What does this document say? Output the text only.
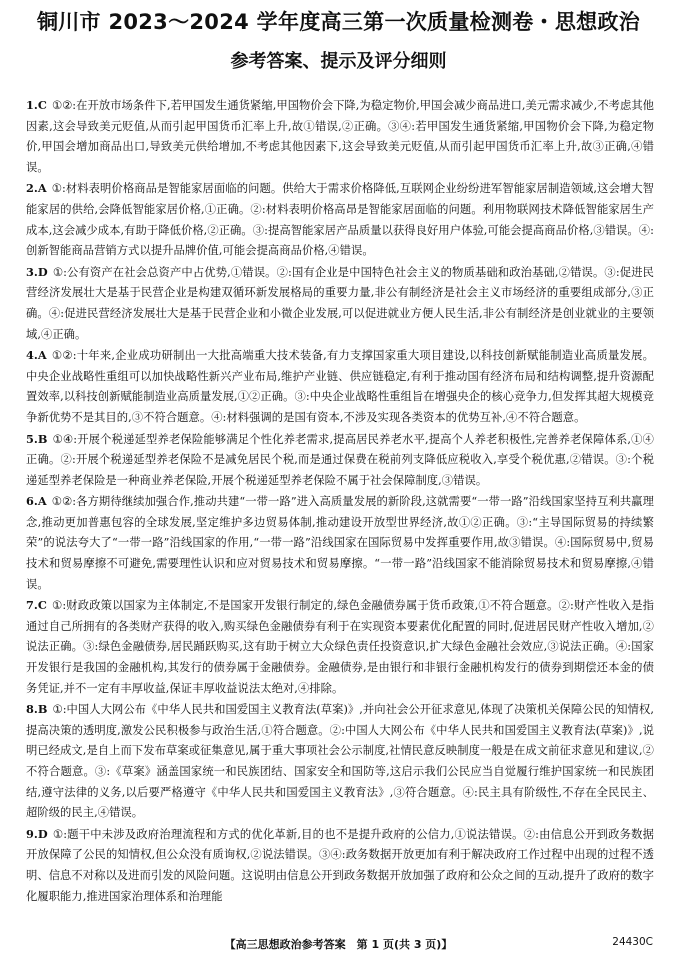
铜川市 2023～2024 学年度高三第一次质量检测卷・思想政治
参考答案、提示及评分细则

1.C ①②:在开放市场条件下,若甲国发生通货紧缩,甲国物价会下降,为稳定物价,甲国会减少商品进口,美元需求减少,不考虑其他因素,这会导致美元贬值,从而引起甲国货币汇率上升,故①错误,②正确。③④:若甲国发生通货紧缩,甲国物价会下降,为稳定物价,甲国会增加商品出口,导致美元供给增加,不考虑其他因素下,这会导致美元贬值,从而引起甲国货币汇率上升,故③正确,④错误。

2.A ①:材料表明价格商品是智能家居面临的问题。供给大于需求价格降低,互联网企业纷纷进军智能家居制造领域,这会增大智能家居的供给,会降低智能家居价格,①正确。②:材料表明价格高昂是智能家居面临的问题。利用物联网技术降低智能家居生产成本,这会减少成本,有助于降低价格,②正确。③:提高智能家居产品质量以获得良好用户体验,可能会提高商品价格,③错误。④:创新智能商品营销方式以提升品牌价值,可能会提高商品价格,④错误。

3.D ①:公有资产在社会总资产中占优势,①错误。②:国有企业是中国特色社会主义的物质基础和政治基础,②错误。③:促进民营经济发展壮大是基于民营企业是构建双循环新发展格局的重要力量,非公有制经济是社会主义市场经济的重要组成部分,③正确。④:促进民营经济发展壮大是基于民营企业和小微企业发展,可以促进就业方便人民生活,非公有制经济是创业就业的主要领域,④正确。

4.A ①②:十年来,企业成功研制出一大批高端重大技术装备,有力支撑国家重大项目建设,以科技创新赋能制造业高质量发展。中央企业战略性重组可以加快战略性新兴产业布局,维护产业链、供应链稳定,有利于推动国有经济布局和结构调整,提升资源配置效率,以科技创新赋能制造业高质量发展,①②正确。③:中央企业战略性重组旨在增强央企的核心竞争力,但发挥其超大规模竞争新优势不是其目的,③不符合题意。④:材料强调的是国有资本,不涉及实现各类资本的优势互补,④不符合题意。

5.B ①④:开展个税递延型养老保险能够满足个性化养老需求,提高居民养老水平,提高个人养老积极性,完善养老保障体系,①④正确。②:开展个税递延型养老保险不是减免居民个税,而是通过保费在税前列支降低应税收入,享受个税优惠,②错误。③:个税递延型养老保险是一种商业养老保险,开展个税递延型养老保险不属于社会保障制度,③错误。

6.A ①②:各方期待继续加强合作,推动共建“一带一路”进入高质量发展的新阶段,这就需要“一带一路”沿线国家坚持互利共赢理念,推动更加普惠包容的全球发展,坚定维护多边贸易体制,推动建设开放型世界经济,故①②正确。③:“主导国际贸易的持续繁荣”的说法夸大了“一带一路”沿线国家的作用,“一带一路”沿线国家在国际贸易中发挥重要作用,故③错误。④:国际贸易中,贸易技术和贸易摩擦不可避免,需要理性认识和应对贸易技术和贸易摩擦。“一带一路”沿线国家不能消除贸易技术和贸易摩擦,④错误。

7.C ①:财政政策以国家为主体制定,不是国家开发银行制定的,绿色金融债券属于货币政策,①不符合题意。②:财产性收入是指通过自己所拥有的各类财产获得的收入,购买绿色金融债券有利于在实现资本要素优化配置的同时,促进居民财产性收入增加,②说法正确。③:绿色金融债券,居民踊跃购买,这有助于树立大众绿色责任投资意识,扩大绿色金融社会效应,③说法正确。④:国家开发银行是我国的金融机构,其发行的债券属于金融债券。金融债券,是由银行和非银行金融机构发行的债券到期偿还本金的债务凭证,并不一定有丰厚收益,保证丰厚收益说法太绝对,④排除。

8.B ①:中国人大网公布《中华人民共和国爱国主义教育法(草案)》,并向社会公开征求意见,体现了决策机关保障公民的知情权,提高决策的透明度,激发公民积极参与政治生活,①符合题意。②:中国人大网公布《中华人民共和国爱国主义教育法(草案)》,说明已经成文,是自上而下发布草案或征集意见,属于重大事项社会公示制度,社情民意反映制度一般是在成文前征求意见和建议,②不符合题意。③:《草案》涵盖国家统一和民族团结、国家安全和国防等,这启示我们公民应当自觉履行维护国家统一和民族团结,遵守法律的义务,以后要严格遵守《中华人民共和国爱国主义教育法》,③符合题意。④:民主具有阶级性,不存在全民民主、超阶级的民主,④错误。

9.D ①:题干中未涉及政府治理流程和方式的优化革新,目的也不是提升政府的公信力,①说法错误。②:由信息公开到政务数据开放保障了公民的知情权,但公众没有质询权,②说法错误。③④:政务数据开放更加有利于解决政府工作过程中出现的过程不透明、信息不对称以及进而引发的风险问题。这说明由信息公开到政务数据开放加强了政府和公众之间的互动,提升了政府的数字化履职能力,推进国家治理体系和治理能

【高三思想政治参考答案　第 1 页(共 3 页)】	24430C
